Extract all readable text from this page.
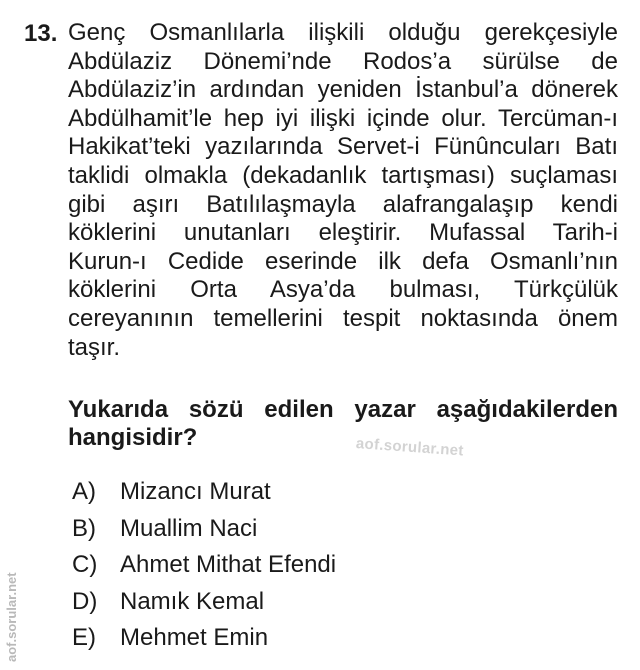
13. Genç Osmanlılarla ilişkili olduğu gerekçesiyle
Abdülaziz Dönemi’nde Rodos’a sürülse de
Abdülaziz’in ardından yeniden İstanbul’a dönerek
Abdülhamit’le hep iyi ilişki içinde olur. Tercüman-ı
Hakikat’teki yazılarında Servet-i Fünûncuları Batı
taklidi olmakla (dekadanlık tartışması) suçlaması
gibi aşırı Batılılaşmayla alafrangalaşıp kendi
köklerini unutanları eleştirir. Mufassal Tarih-i
Kurun-ı Cedide eserinde ilk defa Osmanlı’nın
köklerini Orta Asya’da bulması, Türkçülük
cereyanının temellerini tespit noktasında önem
taşır.
Yukarıda sözü edilen yazar aşağıdakilerden
hangisidir?	aof.sorular.net
aof.sorular.net
A)	Mizancı Murat
B)	Muallim Naci
C) Ahmet Mithat Efendi
D) Namık Kemal
E)	Mehmet Emin
